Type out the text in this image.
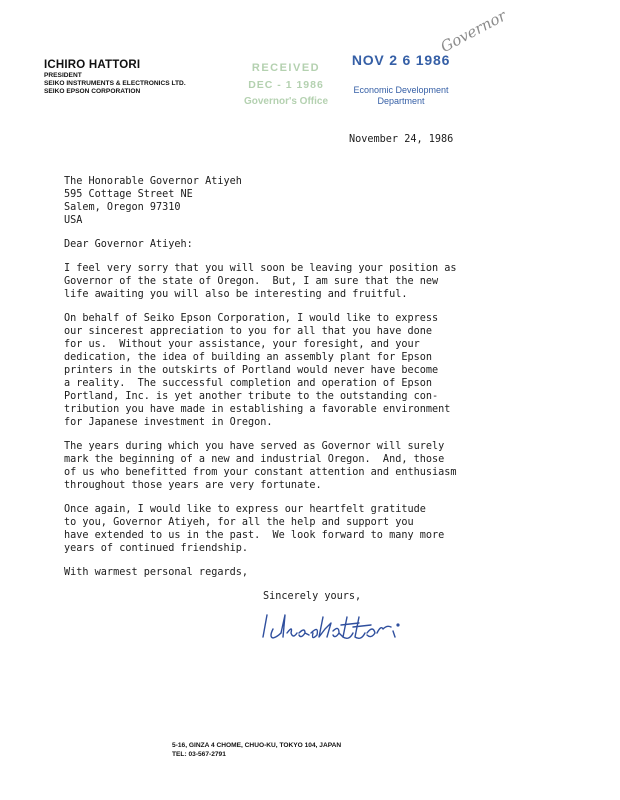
ICHIRO HATTORI
PRESIDENT
SEIKO INSTRUMENTS & ELECTRONICS LTD.
SEIKO EPSON CORPORATION
RECEIVED
DEC - 1 1986
Governor's Office
NOV 2 6 1986
Economic Development
Department
Governor
November 24, 1986
The Honorable Governor Atiyeh
595 Cottage Street NE
Salem, Oregon 97310
USA
Dear Governor Atiyeh:
I feel very sorry that you will soon be leaving your position as
Governor of the state of Oregon.  But, I am sure that the new
life awaiting you will also be interesting and fruitful.
On behalf of Seiko Epson Corporation, I would like to express
our sincerest appreciation to you for all that you have done
for us.  Without your assistance, your foresight, and your
dedication, the idea of building an assembly plant for Epson
printers in the outskirts of Portland would never have become
a reality.  The successful completion and operation of Epson
Portland, Inc. is yet another tribute to the outstanding con-
tribution you have made in establishing a favorable environment
for Japanese investment in Oregon.
The years during which you have served as Governor will surely
mark the beginning of a new and industrial Oregon.  And, those
of us who benefitted from your constant attention and enthusiasm
throughout those years are very fortunate.
Once again, I would like to express our heartfelt gratitude
to you, Governor Atiyeh, for all the help and support you
have extended to us in the past.  We look forward to many more
years of continued friendship.
With warmest personal regards,
Sincerely yours,
5-16, GINZA 4 CHOME, CHUO-KU, TOKYO 104, JAPAN
TEL: 03-567-2791
